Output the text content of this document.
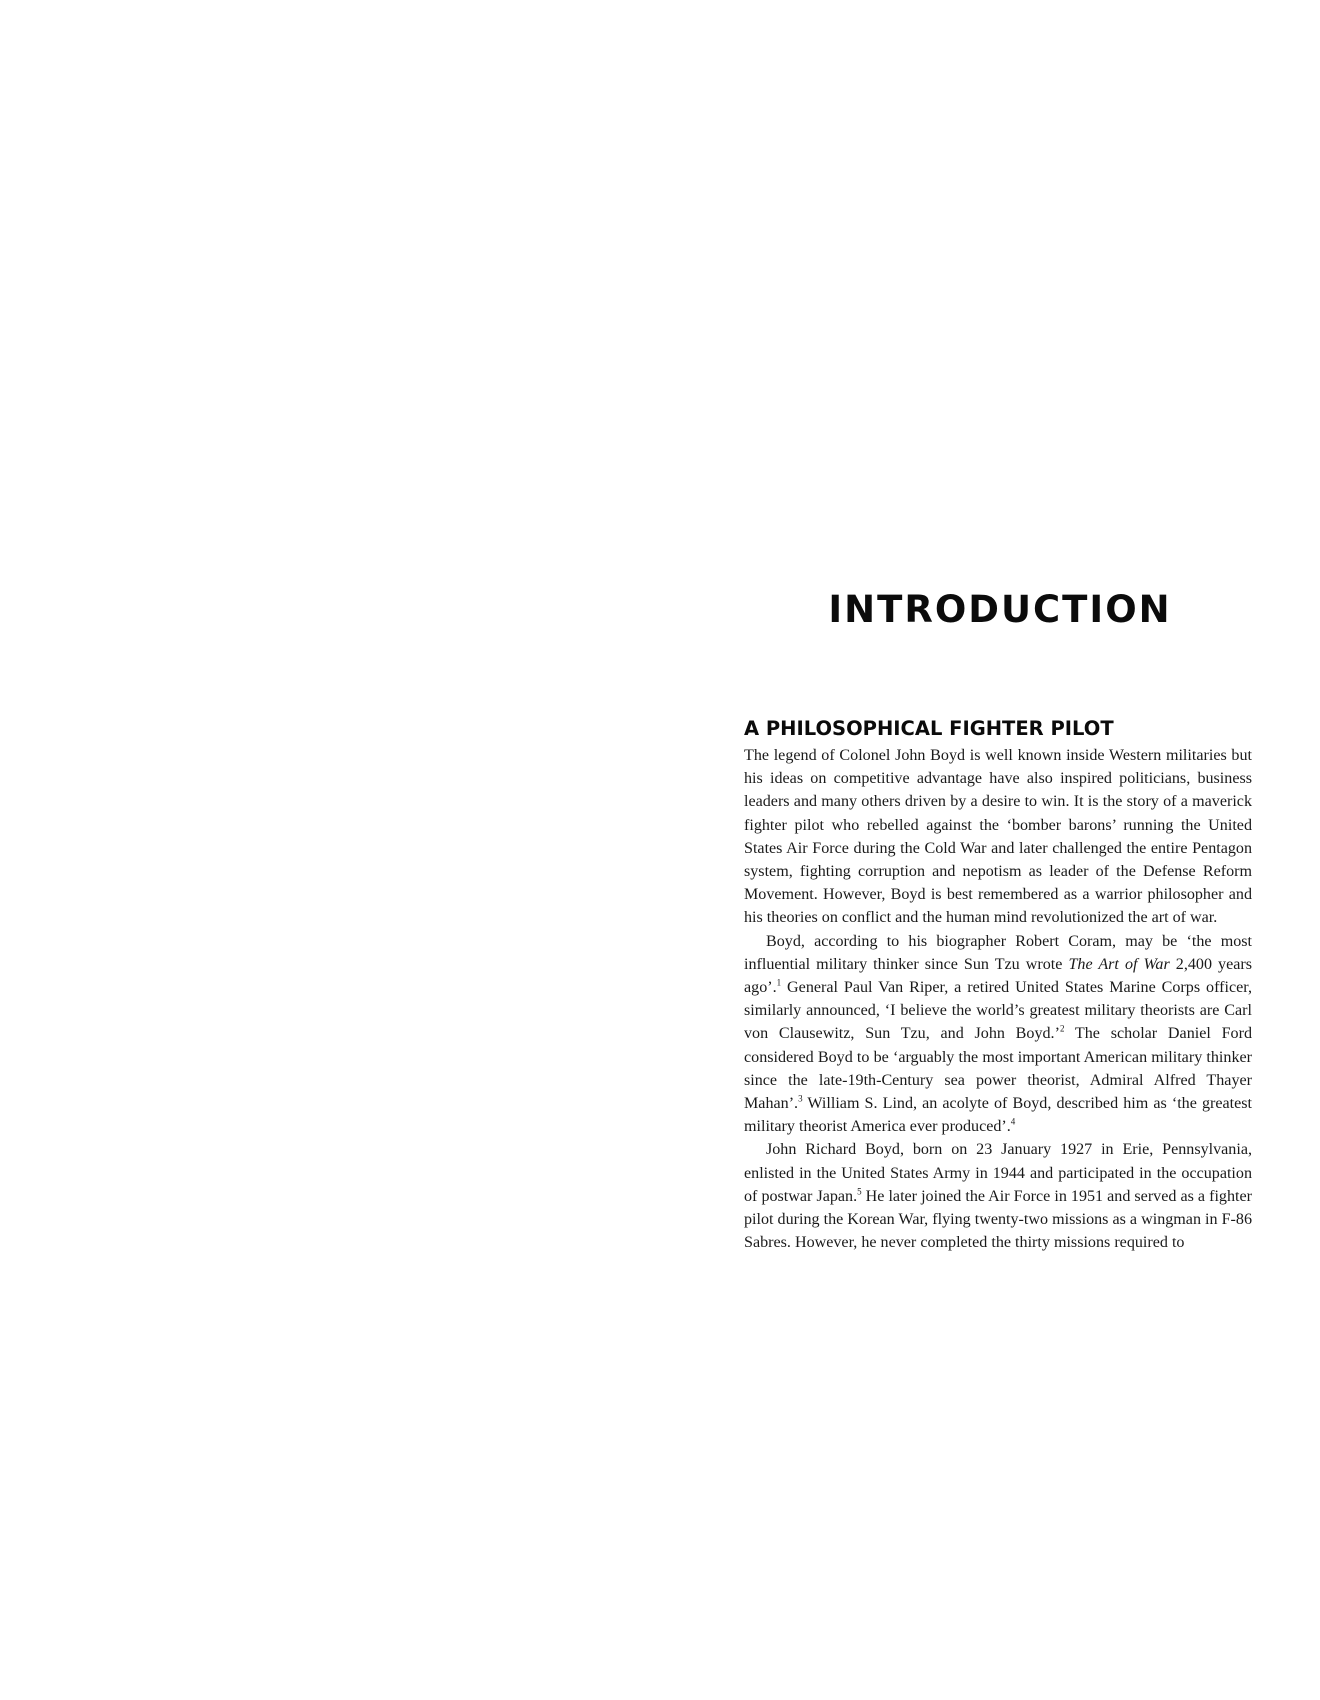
INTRODUCTION
A PHILOSOPHICAL FIGHTER PILOT

The legend of Colonel John Boyd is well known inside Western militaries but his ideas on competitive advantage have also inspired politicians, business leaders and many others driven by a desire to win. It is the story of a maverick fighter pilot who rebelled against the ‘bomber barons’ running the United States Air Force during the Cold War and later challenged the entire Pentagon system, fighting corruption and nepotism as leader of the Defense Reform Movement. However, Boyd is best remembered as a warrior philosopher and his theories on conflict and the human mind revolutionized the art of war.

Boyd, according to his biographer Robert Coram, may be ‘the most influential military thinker since Sun Tzu wrote The Art of War 2,400 years ago’.$^1$ General Paul Van Riper, a retired United States Marine Corps officer, similarly announced, ‘I believe the world’s greatest military theorists are Carl von Clausewitz, Sun Tzu, and John Boyd.’$^2$ The scholar Daniel Ford considered Boyd to be ‘arguably the most important American military thinker since the late-19th-Century sea power theorist, Admiral Alfred Thayer Mahan’.$^3$ William S. Lind, an acolyte of Boyd, described him as ‘the greatest military theorist America ever produced’.$^4$

John Richard Boyd, born on 23 January 1927 in Erie, Pennsylvania, enlisted in the United States Army in 1944 and participated in the occupation of postwar Japan.$^5$ He later joined the Air Force in 1951 and served as a fighter pilot during the Korean War, flying twenty-two missions as a wingman in F-86 Sabres. However, he never completed the thirty missions required to
